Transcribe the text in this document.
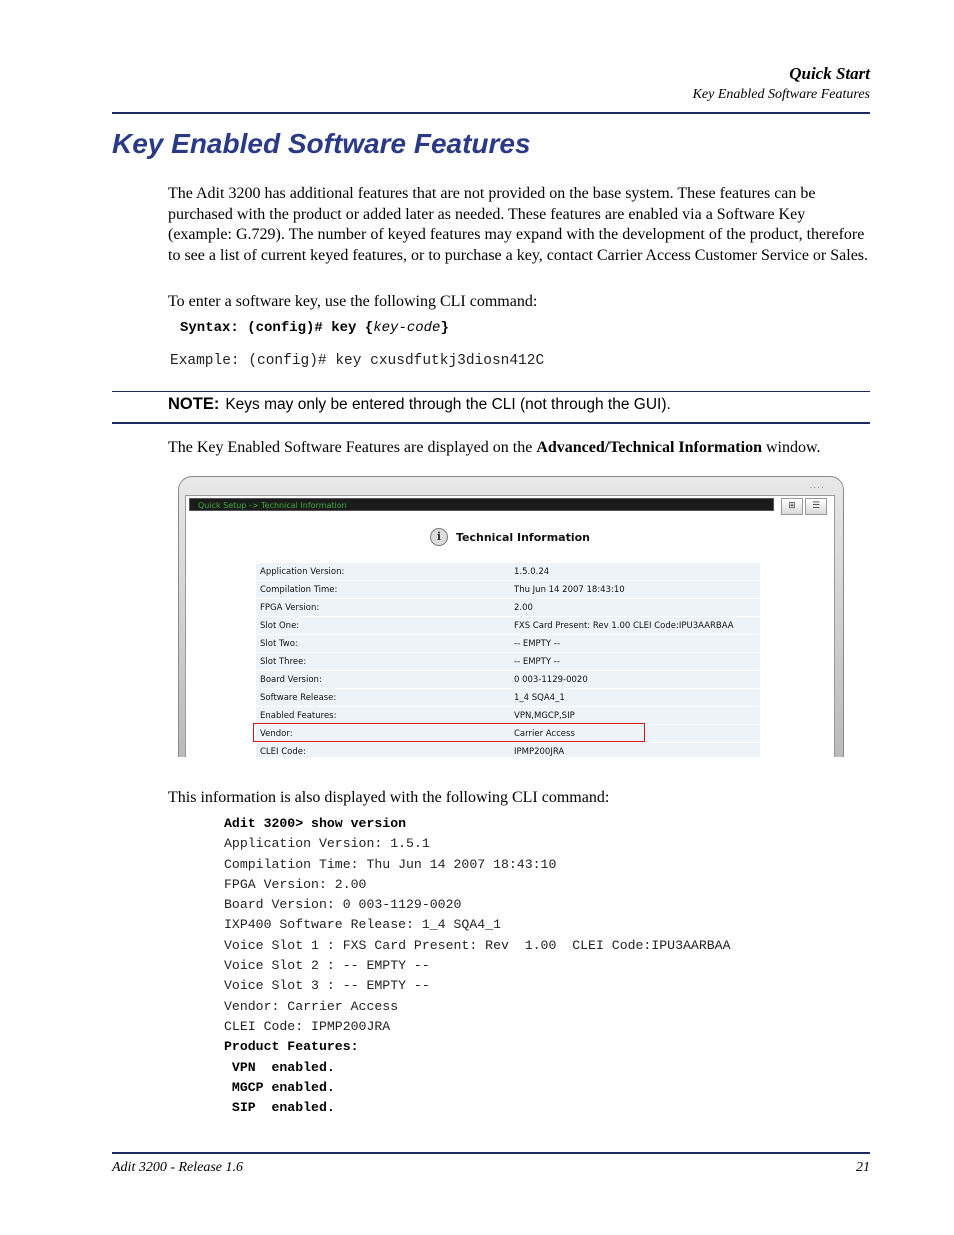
Quick Start
Key Enabled Software Features
Key Enabled Software Features
The Adit 3200 has additional features that are not provided on the base system. These features can be purchased with the product or added later as needed. These features are enabled via a Software Key (example: G.729). The number of keyed features may expand with the development of the product, therefore to see a list of current keyed features, or to purchase a key, contact Carrier Access Customer Service or Sales.
To enter a software key, use the following CLI command:
Syntax: (config)# key {key-code}
Example: (config)# key cxusdfutkj3diosn412C
NOTE: Keys may only be entered through the CLI (not through the GUI).
The Key Enabled Software Features are displayed on the Advanced/Technical Information window.
....
Quick Setup -> Technical Information	⊞	☰
i	Technical Information
Application Version:	1.5.0.24
Compilation Time:	Thu Jun 14 2007 18:43:10
FPGA Version:	2.00
Slot One:	FXS Card Present: Rev 1.00 CLEI Code:IPU3AARBAA
Slot Two:	-- EMPTY --
Slot Three:	-- EMPTY --
Board Version:	0 003-1129-0020
Software Release:	1_4 SQA4_1
Enabled Features:	VPN,MGCP,SIP
Vendor:	Carrier Access
CLEI Code:	IPMP200JRA
This information is also displayed with the following CLI command:
Adit 3200> show version
Application Version: 1.5.1
Compilation Time: Thu Jun 14 2007 18:43:10
FPGA Version: 2.00
Board Version: 0 003-1129-0020
IXP400 Software Release: 1_4 SQA4_1
Voice Slot 1 : FXS Card Present: Rev  1.00  CLEI Code:IPU3AARBAA
Voice Slot 2 : -- EMPTY --
Voice Slot 3 : -- EMPTY --
Vendor: Carrier Access
CLEI Code: IPMP200JRA
Product Features:
VPN  enabled.
MGCP enabled.
SIP  enabled.
Adit 3200 - Release 1.6	21
